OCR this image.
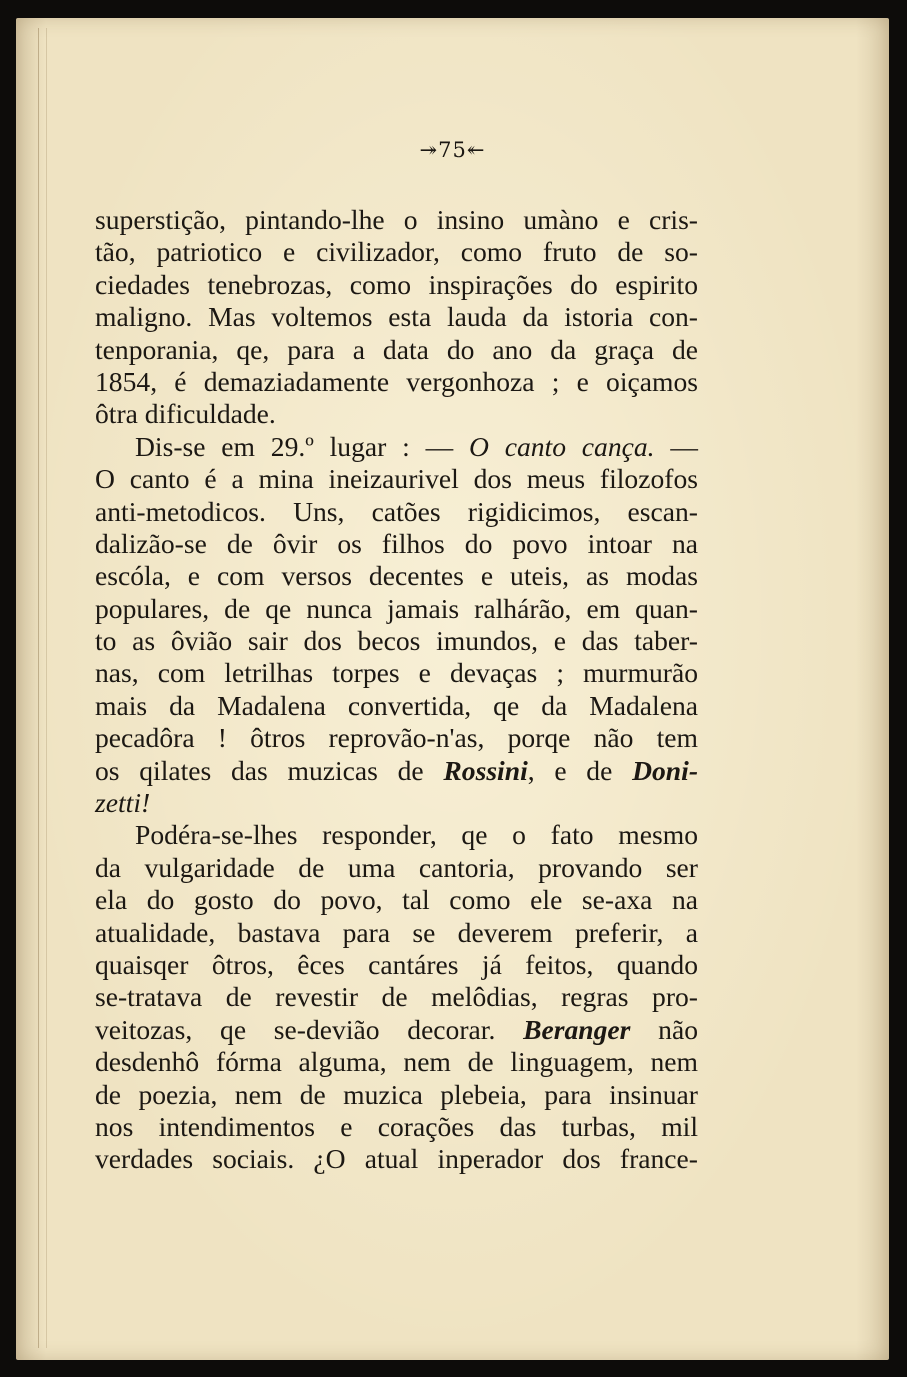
↠75↞
superstição, pintando-lhe o insino umàno e cris-
tão, patriotico e civilizador, como fruto de so-
ciedades tenebrozas, como inspirações do espirito
maligno. Mas voltemos esta lauda da istoria con-
tenporania, qe, para a data do ano da graça de
1854, é demaziadamente vergonhoza ; e oiçamos
ôtra dificuldade.
Dis-se em 29.º lugar : — O canto cança. —
O canto é a mina ineizaurivel dos meus filozofos
anti-metodicos. Uns, catões rigidicimos, escan-
dalizão-se de ôvir os filhos do povo intoar na
escóla, e com versos decentes e uteis, as modas
populares, de qe nunca jamais ralhárão, em quan-
to as ôvião sair dos becos imundos, e das taber-
nas, com letrilhas torpes e devaças ; murmurão
mais da Madalena convertida, qe da Madalena
pecadôra ! ôtros reprovão-n'as, porqe não tem
os qilates das muzicas de Rossini, e de Doni-
zetti!
Podéra-se-lhes responder, qe o fato mesmo
da vulgaridade de uma cantoria, provando ser
ela do gosto do povo, tal como ele se-axa na
atualidade, bastava para se deverem preferir, a
quaisqer ôtros, êces cantáres já feitos, quando
se-tratava de revestir de melôdias, regras pro-
veitozas, qe se-devião decorar. Beranger não
desdenhô fórma alguma, nem de linguagem, nem
de poezia, nem de muzica plebeia, para insinuar
nos intendimentos e corações das turbas, mil
verdades sociais. ¿O atual inperador dos france-
